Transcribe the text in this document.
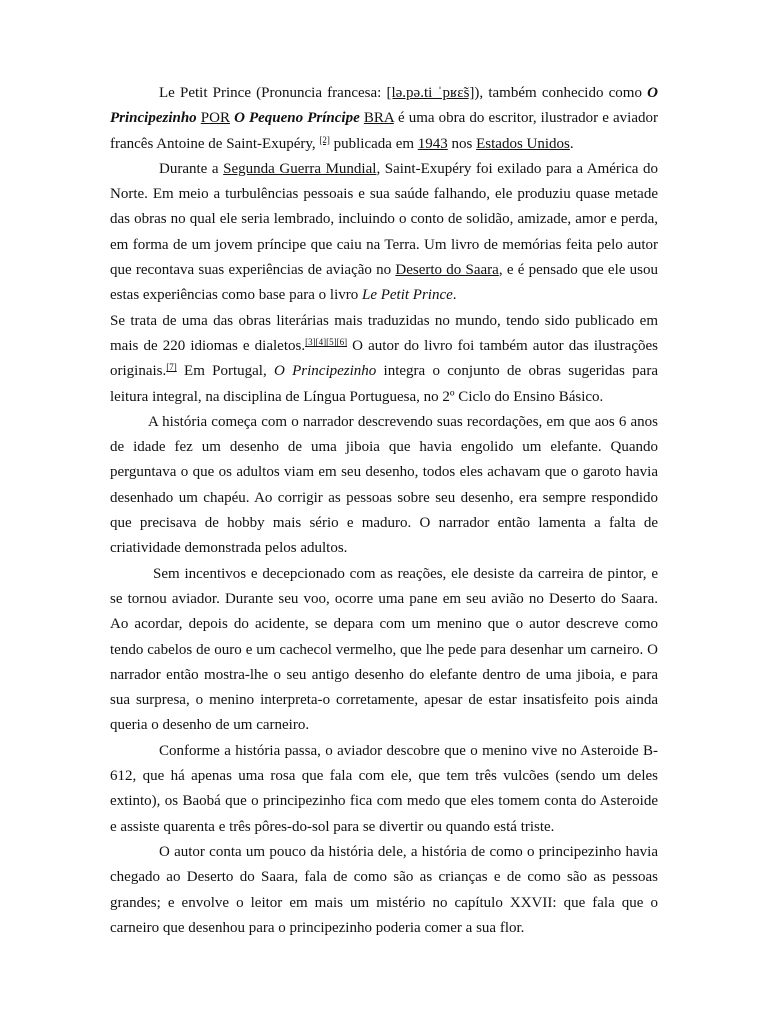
Le Petit Prince (Pronuncia francesa: [lə.pə.ti ˈpʁɛ̃s]), também conhecido como O Principezinho POR O Pequeno Príncipe BRA é uma obra do escritor, ilustrador e aviador francês Antoine de Saint-Exupéry, [2] publicada em 1943 nos Estados Unidos.

Durante a Segunda Guerra Mundial, Saint-Exupéry foi exilado para a América do Norte. Em meio a turbulências pessoais e sua saúde falhando, ele produziu quase metade das obras no qual ele seria lembrado, incluindo o conto de solidão, amizade, amor e perda, em forma de um jovem príncipe que caiu na Terra. Um livro de memórias feita pelo autor que recontava suas experiências de aviação no Deserto do Saara, e é pensado que ele usou estas experiências como base para o livro Le Petit Prince.

Se trata de uma das obras literárias mais traduzidas no mundo, tendo sido publicado em mais de 220 idiomas e dialetos.[3][4][5][6] O autor do livro foi também autor das ilustrações originais.[7] Em Portugal, O Principezinho integra o conjunto de obras sugeridas para leitura integral, na disciplina de Língua Portuguesa, no 2º Ciclo do Ensino Básico.

A história começa com o narrador descrevendo suas recordações, em que aos 6 anos de idade fez um desenho de uma jiboia que havia engolido um elefante. Quando perguntava o que os adultos viam em seu desenho, todos eles achavam que o garoto havia desenhado um chapéu. Ao corrigir as pessoas sobre seu desenho, era sempre respondido que precisava de hobby mais sério e maduro. O narrador então lamenta a falta de criatividade demonstrada pelos adultos.

Sem incentivos e decepcionado com as reações, ele desiste da carreira de pintor, e se tornou aviador. Durante seu voo, ocorre uma pane em seu avião no Deserto do Saara. Ao acordar, depois do acidente, se depara com um menino que o autor descreve como tendo cabelos de ouro e um cachecol vermelho, que lhe pede para desenhar um carneiro. O narrador então mostra-lhe o seu antigo desenho do elefante dentro de uma jiboia, e para sua surpresa, o menino interpreta-o corretamente, apesar de estar insatisfeito pois ainda queria o desenho de um carneiro.

Conforme a história passa, o aviador descobre que o menino vive no Asteroide B-612, que há apenas uma rosa que fala com ele, que tem três vulcões (sendo um deles extinto), os Baobá que o principezinho fica com medo que eles tomem conta do Asteroide e assiste quarenta e três pôres-do-sol para se divertir ou quando está triste.

O autor conta um pouco da história dele, a história de como o principezinho havia chegado ao Deserto do Saara, fala de como são as crianças e de como são as pessoas grandes; e envolve o leitor em mais um mistério no capítulo XXVII: que fala que o carneiro que desenhou para o principezinho poderia comer a sua flor.
